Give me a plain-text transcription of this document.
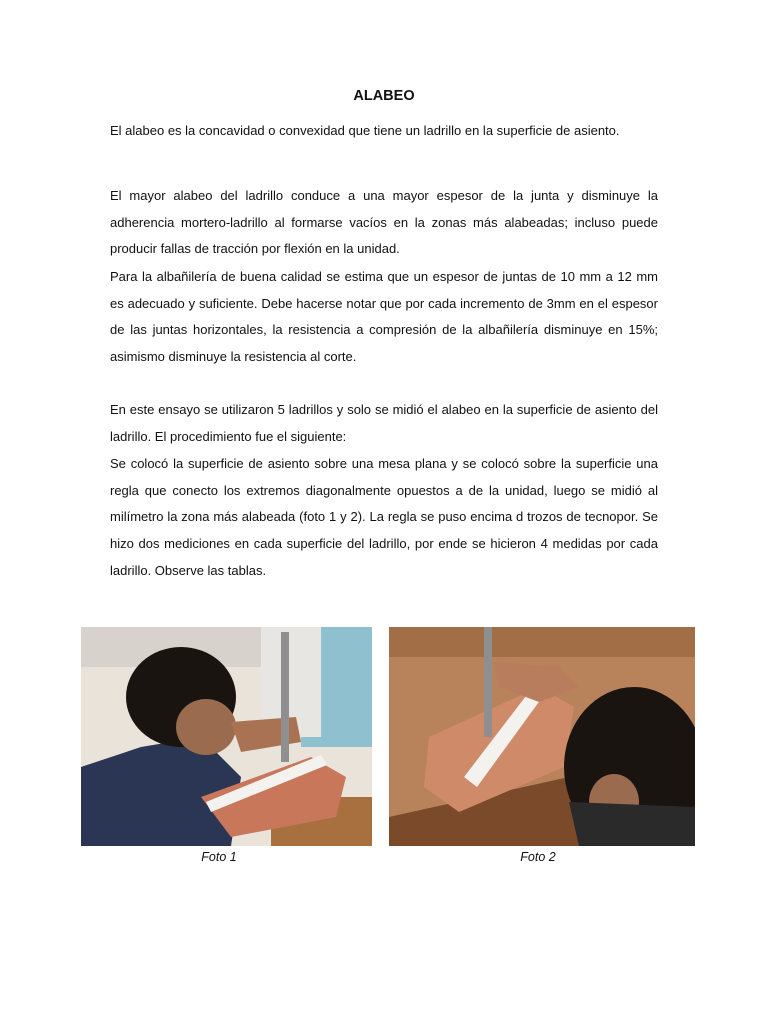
ALABEO

El alabeo es la concavidad o convexidad que tiene un ladrillo en la superficie de asiento.

El mayor alabeo del ladrillo conduce a una mayor espesor de la junta y disminuye la adherencia mortero-ladrillo al formarse vacíos en la zonas más alabeadas; incluso puede producir fallas de tracción por flexión en la unidad.

Para la albañilería de buena calidad se estima que un espesor de juntas de 10 mm a 12 mm es adecuado y suficiente. Debe hacerse notar que por cada incremento de 3mm en el espesor de las juntas horizontales, la resistencia a compresión de la albañilería disminuye en 15%; asimismo disminuye la resistencia al corte.

En este ensayo se utilizaron 5 ladrillos y solo se midió el alabeo en la superficie de asiento del ladrillo. El procedimiento fue el siguiente:

Se colocó la superficie de asiento sobre una mesa plana y se colocó sobre la superficie una regla que conecto los extremos diagonalmente opuestos a de la unidad, luego se midió al milímetro la zona más alabeada (foto 1 y 2). La regla se puso encima d trozos de tecnopor. Se hizo dos mediciones en cada superficie del ladrillo, por ende se hicieron 4 medidas por cada ladrillo. Observe las tablas.

Foto 1	Foto 2
